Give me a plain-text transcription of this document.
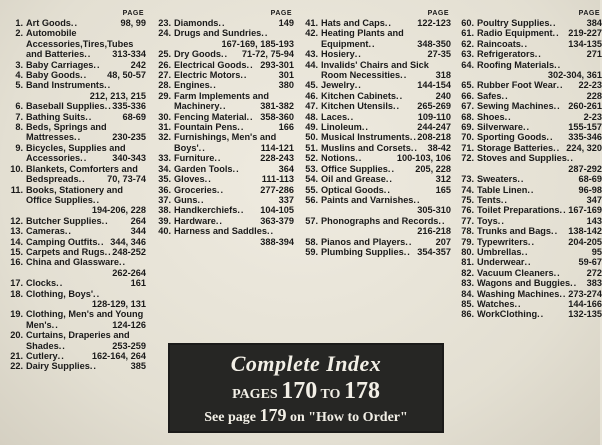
PAGE
1. Art Goods..	98, 99
2. Automobile Accessories,Tires,Tubes and Batteries.. 313-334
3. Baby Carriages..	242
4. Baby Goods.. 48, 50-57
5. Band Instruments..
212, 213, 215
6. Baseball Supplies.. 335-336
7. Bathing Suits..	68-69
8. Beds, Springs and Mattresses..	230-235
9. Bicycles, Supplies and Accessories..	340-343
10. Blankets, Comforters and Bedspreads.. 70, 73-74
11. Books, Stationery and Office Supplies..
194-206, 228
12. Butcher Supplies.. 264
13. Cameras..	344
14. Camping Outfits.. 344, 346
15. Carpets and Rugs.. 248-252
16. China and Glassware..
262-264
17. Clocks..	161
18. Clothing, Boys'..
128-129, 131
19. Clothing, Men's and Young Men's..	124-126
20. Curtains, Draperies and Shades..	253-259
21. Cutlery..	162-164, 264
22. Dairy Supplies..	385
PAGE
23. Diamonds..	149
24. Drugs and Sundries..
167-169, 185-193
25. Dry Goods.. 71-72, 75-94
26. Electrical Goods.. 293-301
27. Electric Motors..	301
28. Engines..	380
29. Farm Implements and Machinery..	381-382
30. Fencing Material.. 358-360
31. Fountain Pens..	166
32. Furnishings, Men's and Boys'..	114-121
33. Furniture..	228-243
34. Garden Tools..	364
35. Gloves..	111-113
36. Groceries..	277-286
37. Guns..	337
38. Handkerchiefs.. 104-105
39. Hardware..	363-379
40. Harness and Saddles..
388-394
PAGE
41. Hats and Caps..	122-123
42. Heating Plants and Equipment..	348-350
43. Hosiery..	27-35
44. Invalids' Chairs and Sick Room Necessities..	318
45. Jewelry..	144-154
46. Kitchen Cabinets..	240
47. Kitchen Utensils.. 265-269
48. Laces..	109-110
49. Linoleum..	244-247
50. Musical Instruments.. 208-218
51. Muslins and Corsets.. 38-42
52. Notions..	100-103, 106
53. Office Supplies.. 205, 228
54. Oil and Grease..	312
55. Optical Goods..	165
56. Paints and Varnishes..
305-310
57. Phonographs and Records..
216-218
58. Pianos and Players..	207
59. Plumbing Supplies.. 354-357
PAGE
60. Poultry Supplies..	384
61. Radio Equipment.. 219-227
62. Raincoats..	134-135
63. Refrigerators..	271
64. Roofing Materials..
302-304, 361
65. Rubber Foot Wear.. 22-23
66. Safes..	228
67. Sewing Machines.. 260-261
68. Shoes..	2-23
69. Silverware..	155-157
70. Sporting Goods.. 335-346
71. Storage Batteries.. 224, 320
72. Stoves and Supplies..
287-292
73. Sweaters..	68-69
74. Table Linen..	96-98
75. Tents..	347
76. Toilet Preparations.. 167-169
77. Toys..	143
78. Trunks and Bags.. 138-142
79. Typewriters..	204-205
80. Umbrellas..	95
81. Underwear..	59-67
82. Vacuum Cleaners..	272
83. Wagons and Buggies.. 383
84. Washing Machines.. 273-274
85. Watches..	144-166
86. WorkClothing..	132-135
Complete Index
PAGES 170 TO 178
See page 179 on "How to Order"
